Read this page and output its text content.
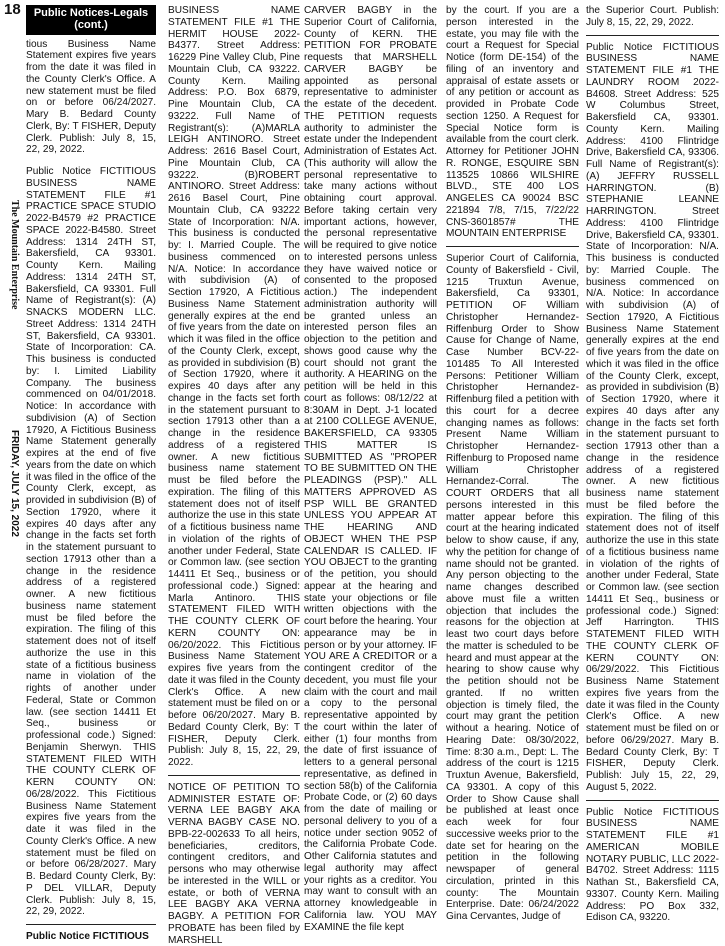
18
The Mountain Enterprise
FRIDAY, JULY 15, 2022
Public Notices-Legals (cont.)

tious Business Name Statement expires five years from the date it was filed in the County Clerk's Office. A new statement must be filed on or before 06/24/2027. Mary B. Bedard County Clerk, By: T FISHER, Deputy Clerk. Publish: July 8, 15, 22, 29, 2022.

Public Notice FICTITIOUS BUSINESS NAME STATEMENT FILE #1 PRACTICE SPACE STUDIO 2022-B4579 #2 PRACTICE SPACE 2022-B4580. Street Address: 1314 24TH ST, Bakersfield, CA 93301. County Kern. Mailing Address: 1314 24TH ST, Bakersfield, CA 93301. Full Name of Registrant(s): (A) SNACKS MODERN LLC. Street Address: 1314 24TH ST, Bakersfield, CA 93301. State of Incorporation: CA. This business is conducted by: I. Limited Liability Company. The business commenced on 04/01/2018. Notice: In accordance with subdivision (A) of Section 17920, A Fictitious Business Name Statement generally expires at the end of five years from the date on which it was filed in the office of the County Clerk, except, as provided in subdivision (B) of Section 17920, where it expires 40 days after any change in the facts set forth in the statement pursuant to section 17913 other than a change in the residence address of a registered owner. A new fictitious business name statement must be filed before the expiration. The filing of this statement does not of itself authorize the use in this state of a fictitious business name in violation of the rights of another under Federal, State or Common law. (see section 14411 Et Seq., business or professional code.) Signed: Benjamin Sherwyn. THIS STATEMENT FILED WITH THE COUNTY CLERK OF KERN COUNTY ON: 06/28/2022. This Fictitious Business Name Statement expires five years from the date it was filed in the County Clerk's Office. A new statement must be filed on or before 06/28/2027. Mary B. Bedard County Clerk, By: P DEL VILLAR, Deputy Clerk. Publish: July 8, 15, 22, 29, 2022.

Public Notice FICTITIOUS

BUSINESS NAME STATEMENT FILE #1 THE HERMIT HOUSE 2022-B4377. Street Address: 16229 Pine Valley Club, Pine Mountain Club, CA 93222. County Kern. Mailing Address: P.O. Box 6879, Pine Mountain Club, CA 93222. Full Name of Registrant(s): (A)MARLA LEIGH ANTINORO. Street Address: 2616 Basel Court, Pine Mountain Club, CA 93222. (B)ROBERT ANTINORO. Street Address: 2616 Basel Court, Pine Mountain Club, CA 93222 State of Incorporation: N/A. This business is conducted by: I. Married Couple. The business commenced on N/A. Notice: In accordance with subdivision (A) of Section 17920, A Fictitious Business Name Statement generally expires at the end of five years from the date on which it was filed in the office of the County Clerk, except, as provided in subdivision (B) of Section 17920, where it expires 40 days after any change in the facts set forth in the statement pursuant to section 17913 other than a change in the residence address of a registered owner. A new fictitious business name statement must be filed before the expiration. The filing of this statement does not of itself authorize the use in this state of a fictitious business name in violation of the rights of another under Federal, State or Common law. (see section 14411 Et Seq., business or professional code.) Signed: Marla Antinoro. THIS STATEMENT FILED WITH THE COUNTY CLERK OF KERN COUNTY ON: 06/20/2022. This Fictitious Business Name Statement expires five years from the date it was filed in the County Clerk's Office. A new statement must be filed on or before 06/20/2027. Mary B. Bedard County Clerk, By: T FISHER, Deputy Clerk. Publish: July 8, 15, 22, 29, 2022.

NOTICE OF PETITION TO ADMINISTER ESTATE OF: VERNA LEE BAGBY AKA VERNA BAGBY CASE NO. BPB-22-002633 To all heirs, beneficiaries, creditors, contingent creditors, and persons who may otherwise be interested in the WILL or estate, or both of VERNA LEE BAGBY AKA VERNA BAGBY. A PETITION FOR PROBATE has been filed by MARSHELL

CARVER BAGBY in the Superior Court of California, County of KERN. THE PETITION FOR PROBATE requests that MARSHELL CARVER BAGBY be appointed as personal representative to administer the estate of the decedent. THE PETITION requests authority to administer the estate under the Independent Administration of Estates Act. (This authority will allow the personal representative to take many actions without obtaining court approval. Before taking certain very important actions, however, the personal representative will be required to give notice to interested persons unless they have waived notice or consented to the proposed action.) The independent administration authority will be granted unless an interested person files an objection to the petition and shows good cause why the court should not grant the authority. A HEARING on the petition will be held in this court as follows: 08/12/22 at 8:30AM in Dept. J-1 located at 2100 COLLEGE AVENUE, BAKERSFIELD, CA 93305 THIS MATTER IS SUBMITTED AS "PROPER TO BE SUBMITTED ON THE PLEADINGS (PSP)." ALL MATTERS APPROVED AS PSP WILL BE GRANTED UNLESS YOU APPEAR AT THE HEARING AND OBJECT WHEN THE PSP CALENDAR IS CALLED. IF YOU OBJECT to the granting of the petition, you should appear at the hearing and state your objections or file written objections with the court before the hearing. Your appearance may be in person or by your attorney. IF YOU ARE A CREDITOR or a contingent creditor of the decedent, you must file your claim with the court and mail a copy to the personal representative appointed by the court within the later of either (1) four months from the date of first issuance of letters to a general personal representative, as defined in section 58(b) of the California Probate Code, or (2) 60 days from the date of mailing or personal delivery to you of a notice under section 9052 of the California Probate Code. Other California statutes and legal authority may affect your rights as a creditor. You may want to consult with an attorney knowledgeable in California law. YOU MAY EXAMINE the file kept

by the court. If you are a person interested in the estate, you may file with the court a Request for Special Notice (form DE-154) of the filing of an inventory and appraisal of estate assets or of any petition or account as provided in Probate Code section 1250. A Request for Special Notice form is available from the court clerk. Attorney for Petitioner JOHN R. RONGE, ESQUIRE SBN 113525 10866 WILSHIRE BLVD., STE 400 LOS ANGELES CA 90024 BSC 221894 7/8, 7/15, 7/22/22 CNS-3601857# THE MOUNTAIN ENTERPRISE

Superior Court of California, County of Bakersfield - Civil, 1215 Truxtun Avenue, Bakersfield, Ca 93301, PETITION OF William Christopher Hernandez-Riffenburg Order to Show Cause for Change of Name, Case Number BCV-22-101485 To All Interested Persons: Petitioner William Christopher Hernandez-Riffenburg filed a petition with this court for a decree changing names as follows: Present Name William Christopher Hernandez-Riffenburg to Proposed name William Christopher Hernandez-Corral. The COURT ORDERS that all persons interested in this matter appear before this court at the hearing indicated below to show cause, if any, why the petition for change of name should not be granted. Any person objecting to the name changes described above must file a written objection that includes the reasons for the objection at least two court days before the matter is scheduled to be heard and must appear at the hearing to show cause why the petition should not be granted. If no written objection is timely filed, the court may grant the petition without a hearing. Notice of Hearing Date: 08/30/2022, Time: 8:30 a.m., Dept: L. The address of the court is 1215 Truxtun Avenue, Bakersfield, CA 93301. A copy of this Order to Show Cause shall be published at least once each week for four successive weeks prior to the date set for hearing on the petition in the following newspaper of general circulation, printed in this county: The Mountain Enterprise. Date: 06/24/2022 Gina Cervantes, Judge of

the Superior Court. Publish: July 8, 15, 22, 29, 2022.

Public Notice FICTITIOUS BUSINESS NAME STATEMENT FILE #1 THE LAUNDRY ROOM 2022-B4608. Street Address: 525 W Columbus Street, Bakersfield CA, 93301. County Kern. Mailing Address: 4100 Flintridge Drive, Bakersfield CA, 93306. Full Name of Registrant(s): (A) JEFFRY RUSSELL HARRINGTON. (B) STEPHANIE LEANNE HARRINGTON. Street Address: 4100 Flintridge Drive, Bakersfield CA, 93301. State of Incorporation: N/A. This business is conducted by: Married Couple. The business commenced on N/A. Notice: In accordance with subdivision (A) of Section 17920, A Fictitious Business Name Statement generally expires at the end of five years from the date on which it was filed in the office of the County Clerk, except, as provided in subdivision (B) of Section 17920, where it expires 40 days after any change in the facts set forth in the statement pursuant to section 17913 other than a change in the residence address of a registered owner. A new fictitious business name statement must be filed before the expiration. The filing of this statement does not of itself authorize the use in this state of a fictitious business name in violation of the rights of another under Federal, State or Common law. (see section 14411 Et Seq., business or professional code.) Signed: Jeff Harrington. THIS STATEMENT FILED WITH THE COUNTY CLERK OF KERN COUNTY ON: 06/29/2022. This Fictitious Business Name Statement expires five years from the date it was filed in the County Clerk's Office. A new statement must be filed on or before 06/29/2027. Mary B. Bedard County Clerk, By: T FISHER, Deputy Clerk. Publish: July 15, 22, 29, August 5, 2022.

Public Notice FICTITIOUS BUSINESS NAME STATEMENT FILE #1 AMERICAN MOBILE NOTARY PUBLIC, LLC 2022-B4702. Street Address: 1115 Nathan St., Bakersfield CA, 93307. County Kern. Mailing Address: PO Box 332, Edison CA, 93220.
